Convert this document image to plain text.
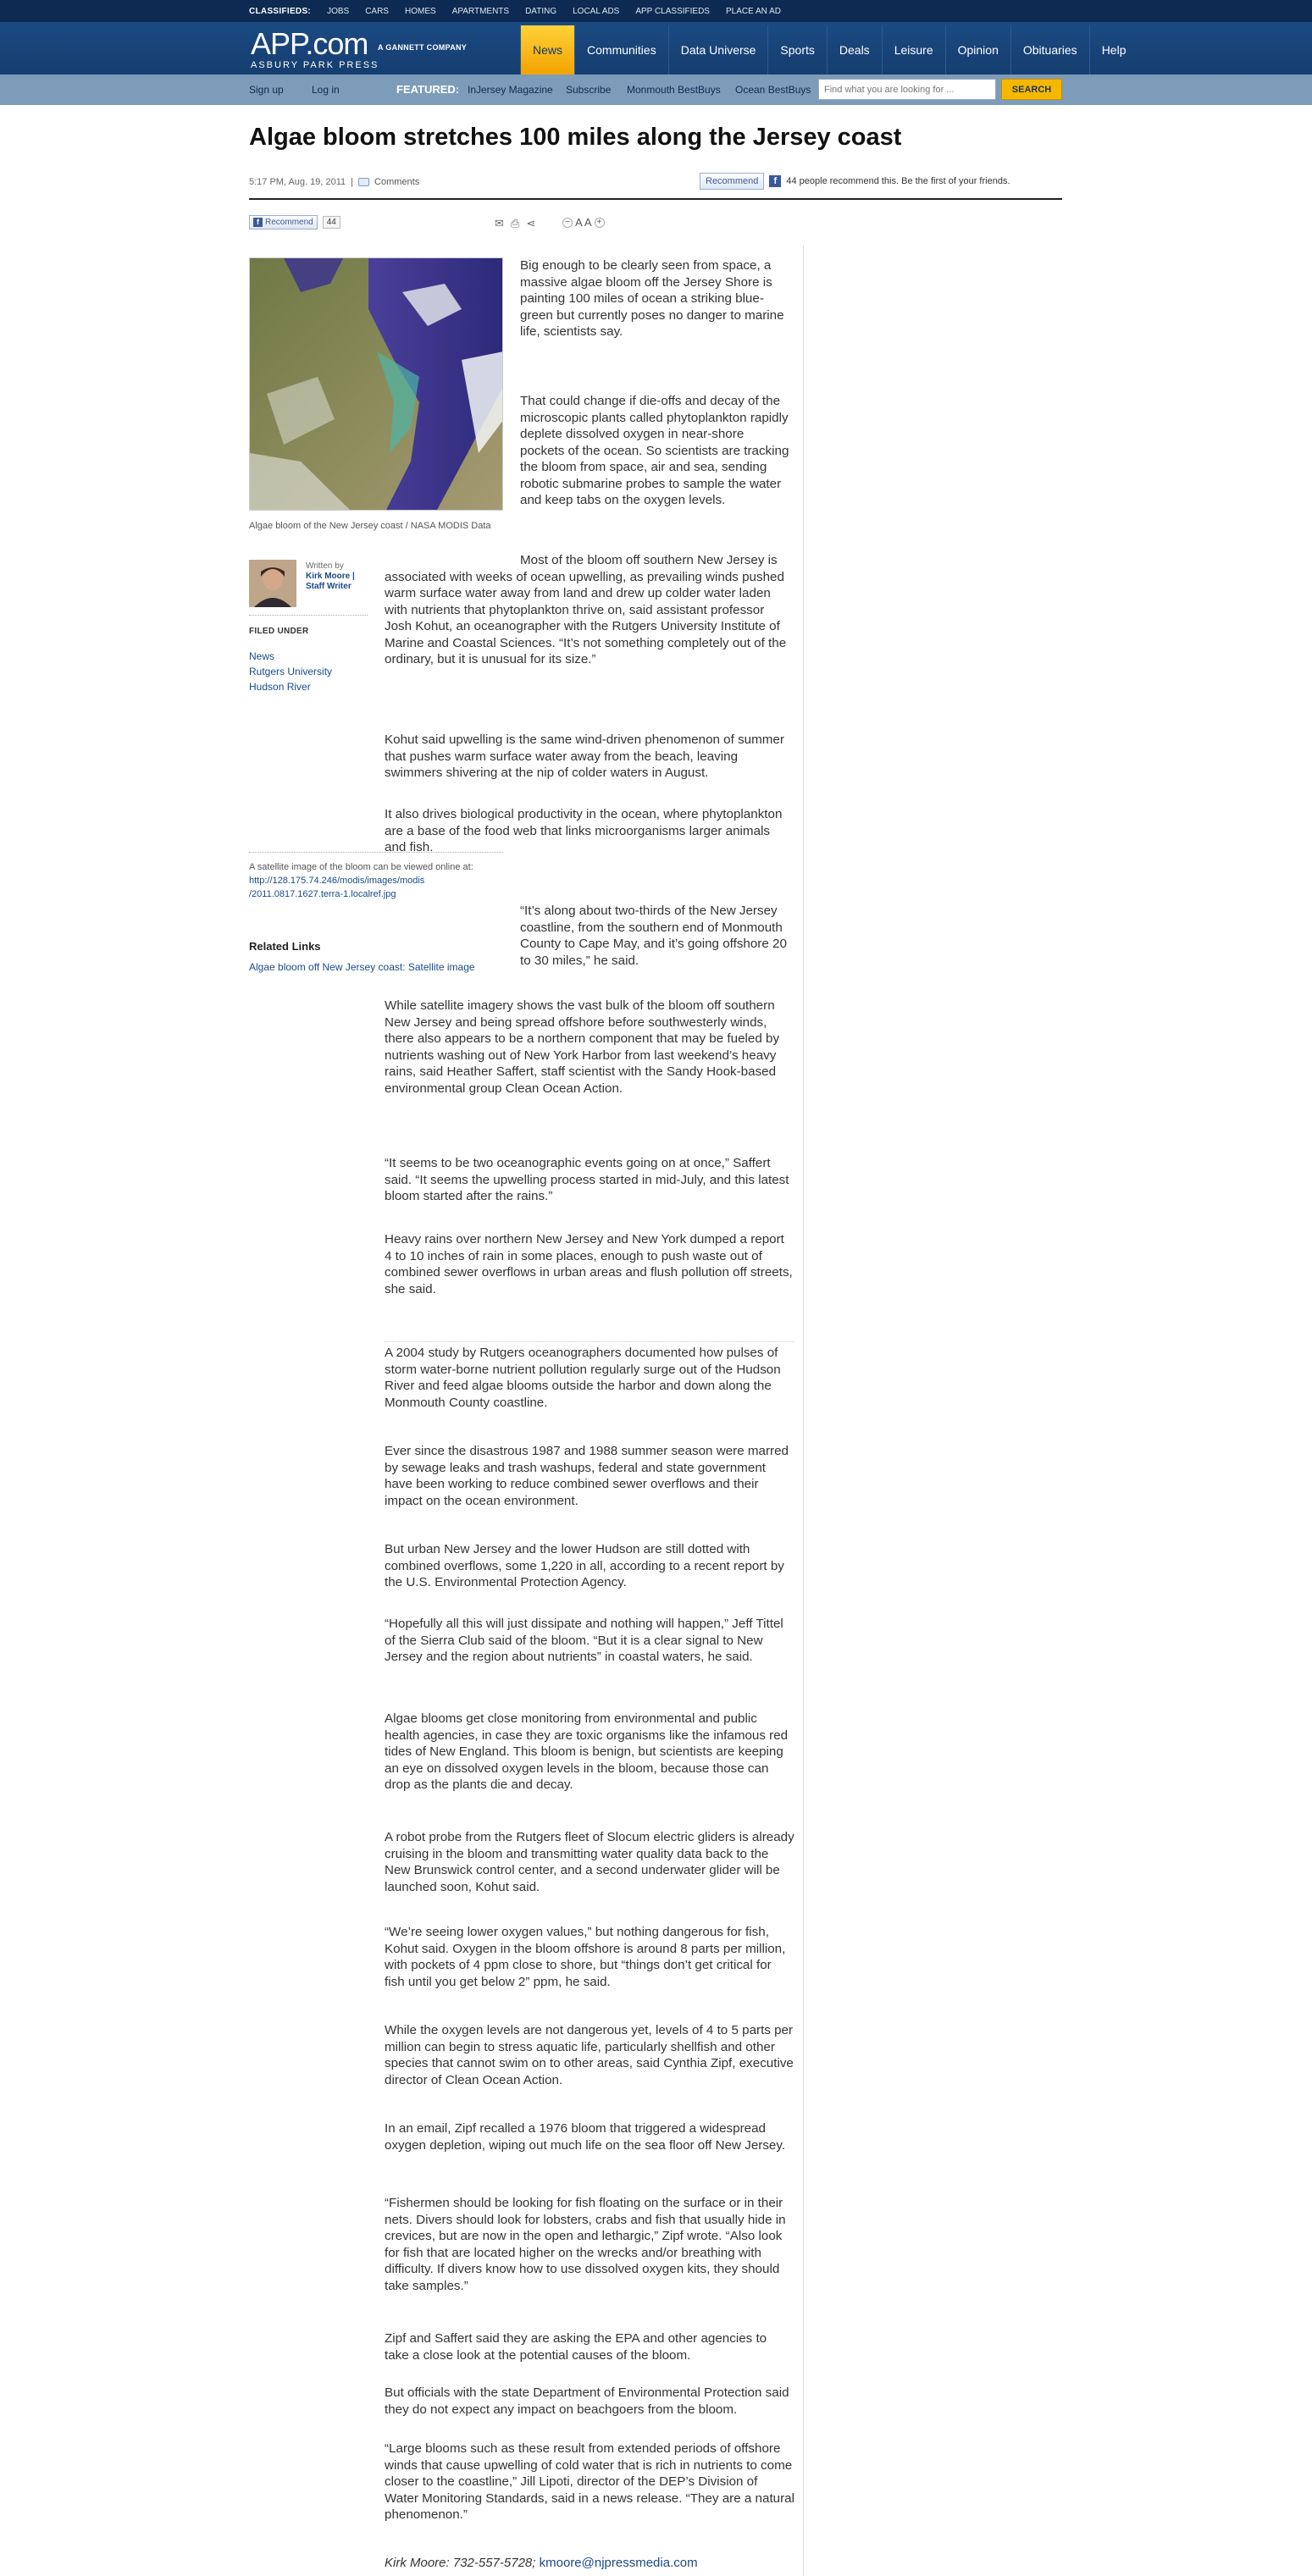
CLASSIFIEDS: JOBS CARS HOMES APARTMENTS DATING LOCAL ADS APP CLASSIFIEDS PLACE AN AD
APP.com	A GANNETT COMPANY
ASBURY PARK PRESS
News	Communities	Data Universe	Sports	Deals	Leisure	Opinion	Obituaries	Help
Sign up	Log in	FEATURED: InJersey Magazine Subscribe Monmouth BestBuys Ocean BestBuys
Find what you are looking for ...	SEARCH
Algae bloom stretches 100 miles along the Jersey coast
5:17 PM, Aug. 19, 2011 | Comments	Recommend	f	44 people recommend this. Be the first of your friends.
f Recommend	44	✉ ⎙ ⋖	− A A +
Algae bloom of the New Jersey coast / NASA MODIS Data
Written by
Kirk Moore |
Staff Writer
FILED UNDER
News
Rutgers University
Hudson River
A satellite image of the bloom can be viewed online at:
http://128.175.74.246/modis/images/modis /2011.0817.1627.terra-1.localref.jpg
Related Links
Algae bloom off New Jersey coast: Satellite image

Big enough to be clearly seen from space, a massive algae bloom off the Jersey Shore is painting 100 miles of ocean a striking blue-green but currently poses no danger to marine life, scientists say.

That could change if die-offs and decay of the microscopic plants called phytoplankton rapidly deplete dissolved oxygen in near-shore pockets of the ocean. So scientists are tracking the bloom from space, air and sea, sending robotic submarine probes to sample the water and keep tabs on the oxygen levels.

Most of the bloom off southern New Jersey is associated with weeks of ocean upwelling, as prevailing winds pushed warm surface water away from land and drew up colder water laden with nutrients that phytoplankton thrive on, said assistant professor Josh Kohut, an oceanographer with the Rutgers University Institute of Marine and Coastal Sciences. “It’s not something completely out of the ordinary, but it is unusual for its size.”

Kohut said upwelling is the same wind-driven phenomenon of summer that pushes warm surface water away from the beach, leaving swimmers shivering at the nip of colder waters in August.

It also drives biological productivity in the ocean, where phytoplankton are a base of the food web that links microorganisms larger animals and fish.

“It’s along about two-thirds of the New Jersey coastline, from the southern end of Monmouth County to Cape May, and it’s going offshore 20 to 30 miles,” he said.

While satellite imagery shows the vast bulk of the bloom off southern New Jersey and being spread offshore before southwesterly winds, there also appears to be a northern component that may be fueled by nutrients washing out of New York Harbor from last weekend’s heavy rains, said Heather Saffert, staff scientist with the Sandy Hook-based environmental group Clean Ocean Action.

“It seems to be two oceanographic events going on at once,” Saffert said. “It seems the upwelling process started in mid-July, and this latest bloom started after the rains.”

Heavy rains over northern New Jersey and New York dumped a report 4 to 10 inches of rain in some places, enough to push waste out of combined sewer overflows in urban areas and flush pollution off streets, she said.

A 2004 study by Rutgers oceanographers documented how pulses of storm water-borne nutrient pollution regularly surge out of the Hudson River and feed algae blooms outside the harbor and down along the Monmouth County coastline.

Ever since the disastrous 1987 and 1988 summer season were marred by sewage leaks and trash washups, federal and state government have been working to reduce combined sewer overflows and their impact on the ocean environment.

But urban New Jersey and the lower Hudson are still dotted with combined overflows, some 1,220 in all, according to a recent report by the U.S. Environmental Protection Agency.

“Hopefully all this will just dissipate and nothing will happen,” Jeff Tittel of the Sierra Club said of the bloom. “But it is a clear signal to New Jersey and the region about nutrients” in coastal waters, he said.

Algae blooms get close monitoring from environmental and public health agencies, in case they are toxic organisms like the infamous red tides of New England. This bloom is benign, but scientists are keeping an eye on dissolved oxygen levels in the bloom, because those can drop as the plants die and decay.

A robot probe from the Rutgers fleet of Slocum electric gliders is already cruising in the bloom and transmitting water quality data back to the New Brunswick control center, and a second underwater glider will be launched soon, Kohut said.

“We’re seeing lower oxygen values,” but nothing dangerous for fish, Kohut said. Oxygen in the bloom offshore is around 8 parts per million, with pockets of 4 ppm close to shore, but “things don’t get critical for fish until you get below 2” ppm, he said.

While the oxygen levels are not dangerous yet, levels of 4 to 5 parts per million can begin to stress aquatic life, particularly shellfish and other species that cannot swim on to other areas, said Cynthia Zipf, executive director of Clean Ocean Action.

In an email, Zipf recalled a 1976 bloom that triggered a widespread oxygen depletion, wiping out much life on the sea floor off New Jersey.

“Fishermen should be looking for fish floating on the surface or in their nets. Divers should look for lobsters, crabs and fish that usually hide in crevices, but are now in the open and lethargic,” Zipf wrote. “Also look for fish that are located higher on the wrecks and/or breathing with difficulty. If divers know how to use dissolved oxygen kits, they should take samples.”

Zipf and Saffert said they are asking the EPA and other agencies to take a close look at the potential causes of the bloom.

But officials with the state Department of Environmental Protection said they do not expect any impact on beachgoers from the bloom.

“Large blooms such as these result from extended periods of offshore winds that cause upwelling of cold water that is rich in nutrients to come closer to the coastline,” Jill Lipoti, director of the DEP’s Division of Water Monitoring Standards, said in a news release. “They are a natural phenomenon.”

Kirk Moore: 732-557-5728; kmoore@njpressmedia.com
